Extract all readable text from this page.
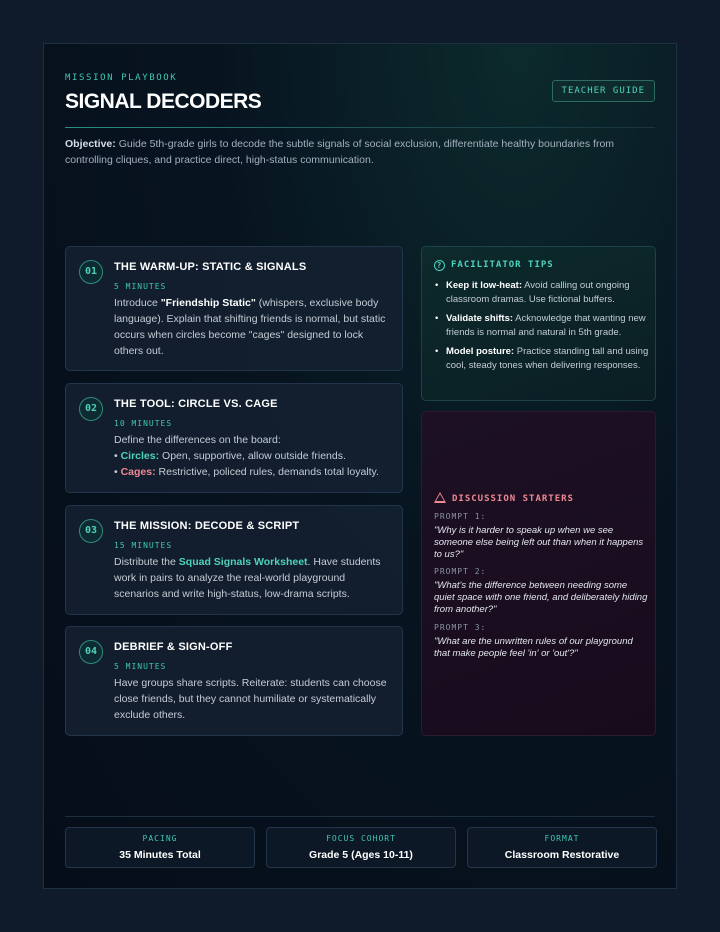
MISSION PLAYBOOK
SIGNAL DECODERS	TEACHER GUIDE

Objective: Guide 5th-grade girls to decode the subtle signals of social exclusion, differentiate healthy boundaries from controlling cliques, and practice direct, high-status communication.

01	THE WARM-UP: STATIC & SIGNALS
5 MINUTES

Introduce "Friendship Static" (whispers, exclusive body language). Explain that shifting friends is normal, but static occurs when circles become "cages" designed to lock others out.

02	THE TOOL: CIRCLE VS. CAGE
10 MINUTES
Define the differences on the board:
• Circles: Open, supportive, allow outside friends.
• Cages: Restrictive, policed rules, demands total loyalty.
03	THE MISSION: DECODE & SCRIPT
15 MINUTES

Distribute the Squad Signals Worksheet. Have students work in pairs to analyze the real-world playground scenarios and write high-status, low-drama scripts.

04	DEBRIEF & SIGN-OFF
5 MINUTES

Have groups share scripts. Reiterate: students can choose close friends, but they cannot humiliate or systematically exclude others.

? FACILITATOR TIPS
• Keep it low-heat: Avoid calling out ongoing classroom dramas. Use fictional buffers.
• Validate shifts: Acknowledge that wanting new friends is normal and natural in 5th grade.
• Model posture: Practice standing tall and using cool, steady tones when delivering responses.
DISCUSSION STARTERS
PROMPT 1:
"Why is it harder to speak up when we see someone else being left out than when it happens to us?"
PROMPT 2:
"What's the difference between needing some quiet space with one friend, and deliberately hiding from another?"
PROMPT 3:
"What are the unwritten rules of our playground that make people feel 'in' or 'out'?"
PACING
35 Minutes Total
FOCUS COHORT
Grade 5 (Ages 10-11)
FORMAT
Classroom Restorative
